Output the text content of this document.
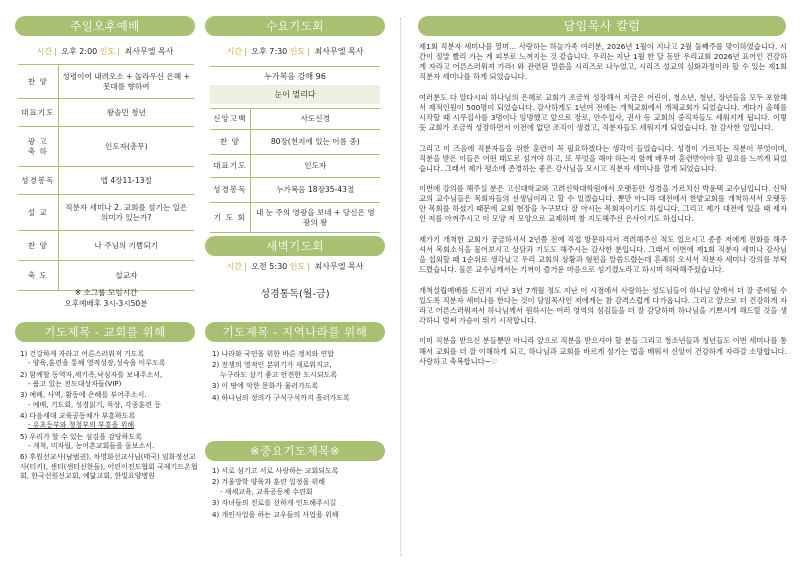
주일오후예배
시간 | 오후 2:00 인도 | 최사무엘 목사
찬 양	성령이여 내려오소 + 놀라우신 은혜 + 못대를 향하여
대표기도	왕솔민 청년
광 고
축 하	인도자(총무)
성경봉독	엡 4장11-13절
설 교	직분자 세미나 2. 교회를 섬기는 일은 의미가 있는가?
찬 양	나 주님의 기쁨되기
축 도	설교자
※ 소그룹 모임시간
오후예배후 3시-3시50분
기도제목 - 교회를 위해
1) 건강하게 자라고 어른스러워져 기도록
- 양육,훈련을 통해 영적성장,성숙을 이루도록
2) 함께할 동역자,세기족,낙심자를 보내주소서,
- 품고 있는 전도대상자들(VIP)
3) 예배, 사역, 활동에 은혜를 부어주소서.
- 예배, 기도회, 성경읽기, 묵상, 각종훈련 등
4) 다음세대 교육공동체가 부흥하도록
- 유초등부와 청청부의 부흥을 위해
5) 우리가 할 수 있는 섬김을 감당하도록
- 개척, 미자립, 농어촌교회들을 돌보소서.
6) 후원선교사(남범권), 차영화선교사님(태국) 임화정선교사(터키), 센터(센터선한들), 어린이전도협회 국제기드온협회, 한국선원선교회, 예닮교회, 한빛요양병원
수요기도회
시간 | 오후 7:30 인도 | 최사무엘 목사
누가복음 강해 96
눈이 멀리다
신앙고백	사도신경
찬 양	80장(천지에 있는 이름 중)
대표기도	인도자
성경봉독	누가복음 18장35-43절
기 도 회	내 눈 주의 영광을 보네 + 당신은 영광의 왕
새벽기도회
시간 | 오전 5:30 인도 | 최사무엘 목사
성경통독(월-금)
기도제목 - 지역나라를 위해
1) 나라와 국민을 위한 바른 정치와 연합
2) 전쟁의 영적인 분위기가 새로워지고,
누구라도 살기 좋고 안전한 도시되도록
3) 이 땅에 악한 문화가 물러가도록
4) 하나님의 정의가 구석구석까지 흘러가도록
※중요기도제목※
1) 서로 섬기고 서로 사랑하는 교회되도록
2) 겨울방학 양육과 훈련 일정을 위해
- 새세교육, 교육공동체 수련회
3) 자녀들의 진로를 선하게 인도해주시길
4) 개인사업을 하는 교우들의 사업을 위해
담임목사 칼럼

제1회 직분자 세미나를 열며... 사랑하는 하늘가족 여러분, 2026년 1월이 지나고 2월 둘째주를 맞이하였습니다. 시간이 정말 빨리 가는 게 피부로 느껴지는 것 같습니다. 우리는 지난 1월 한 달 동안 우리교회 2026년 표어인 건강하게 자라고 어른스러워져 가라! 와 관련된 말씀을 시리즈로 나누었고, 시리즈 설교의 심화과정이라 할 수 있는 제1회 직분자 세미나를 하게 되었습니다.

여러분도 다 알다시피 하나님의 은혜로 교회가 조금씩 성장해서 지금은 어린이, 청소년, 청년, 장년들을 모두 포함해서 재적인원이 500명이 되었습니다. 감사하게도 1년여 전에는 개척교회에서 개체교회가 되었습니다. 게다가 올해를 시작할 때 시무집사를 3명이나 임명했고 앞으로 장로, 안수집사, 권사 등 교회의 중직자들도 세워지게 됩니다. 이렇듯 교회가 조금씩 성장하면서 이전에 없던 조직이 생겼고, 직분자들도 세워지게 되었습니다. 참 감사한 일입니다.

그리고 이 즈음에 직분자들을 위한 훈련이 꼭 필요하겠다는 생각이 들었습니다. 성경이 가르치는 직분이 무엇이며, 직분을 받은 이들은 어떤 태도로 섬겨야 하고, 또 무엇을 해야 하는지 함께 배우며 훈련받아야 할 필요를 느끼게 되었습니다. 그래서 제가 평소에 존경하는 좋은 강사님을 모시고 직분자 세미나를 열게 되었습니다.

이번에 강의를 해주실 분은 고신대학교와 고려신학대학원에서 오랫동안 성경을 가르치신 박윤택 교수님입니다. 신학교의 교수님들은 목회자들의 선생님이라고 할 수 있겠습니다. 뿐만 아니라 대전에서 한밭교회를 개척하셔서 오랫동안 목회를 하셨기 때문에 교회 현장을 누구보다 잘 아시는 목회자이기도 하십니다. 그리고 제가 대전에 있을 때 제자인 저를 아껴주시고 이 모양 저 모양으로 교제하며 참 지도해주신 은사이기도 하십니다.

제가기 개척한 교회가 궁금하셔서 2년쯤 전에 직접 방문하셔서 격려해주신 적도 있으시고 종종 저에게 전화를 해주셔서 목회소식을 물어보시고 상담과 기도도 해주시는 감사한 분입니다. 그래서 이번에 제1회 직분자 세미나 강사님을 섭외할 때 1순위로 생각났고 우리 교회의 상황과 형편을 말씀드렸는데 흔쾌히 오셔서 직분자 세미나 강의를 부탁드렸습니다. 물론 교수님께서는 기꺼이 즐거운 마음으로 섬기겠노라고 하시며 허락해주셨습니다.

개척설립예배를 드린지 지난 3년 7개월 정도 지난 이 시점에서 사랑하는 성도님들이 하나님 앞에서 더 잘 준비될 수 있도록 직분자 세미나를 한다는 것이 담임목사인 저에게는 참 감격스럽게 다가옵니다. 그리고 앞으로 더 건강하게 자라고 어른스러워져서 하나님께서 원하시는 여러 영역의 섬김들을 더 잘 감당하며 하나님을 기쁘시게 해드릴 것을 생각하니 벌써 가슴이 뛰기 시작합니다.

이미 직분을 받으신 분들뿐만 아니라 앞으로 직분을 받으셔야 할 분들 그리고 청소년들과 청년들도 이번 세미나를 통해서 교회를 더 잘 이해하게 되고, 하나님과 교회를 바르게 섬기는 법을 배워서 신앙이 건강하게 자라갈 소망합니다. 사랑하고 축복합니다~♡
